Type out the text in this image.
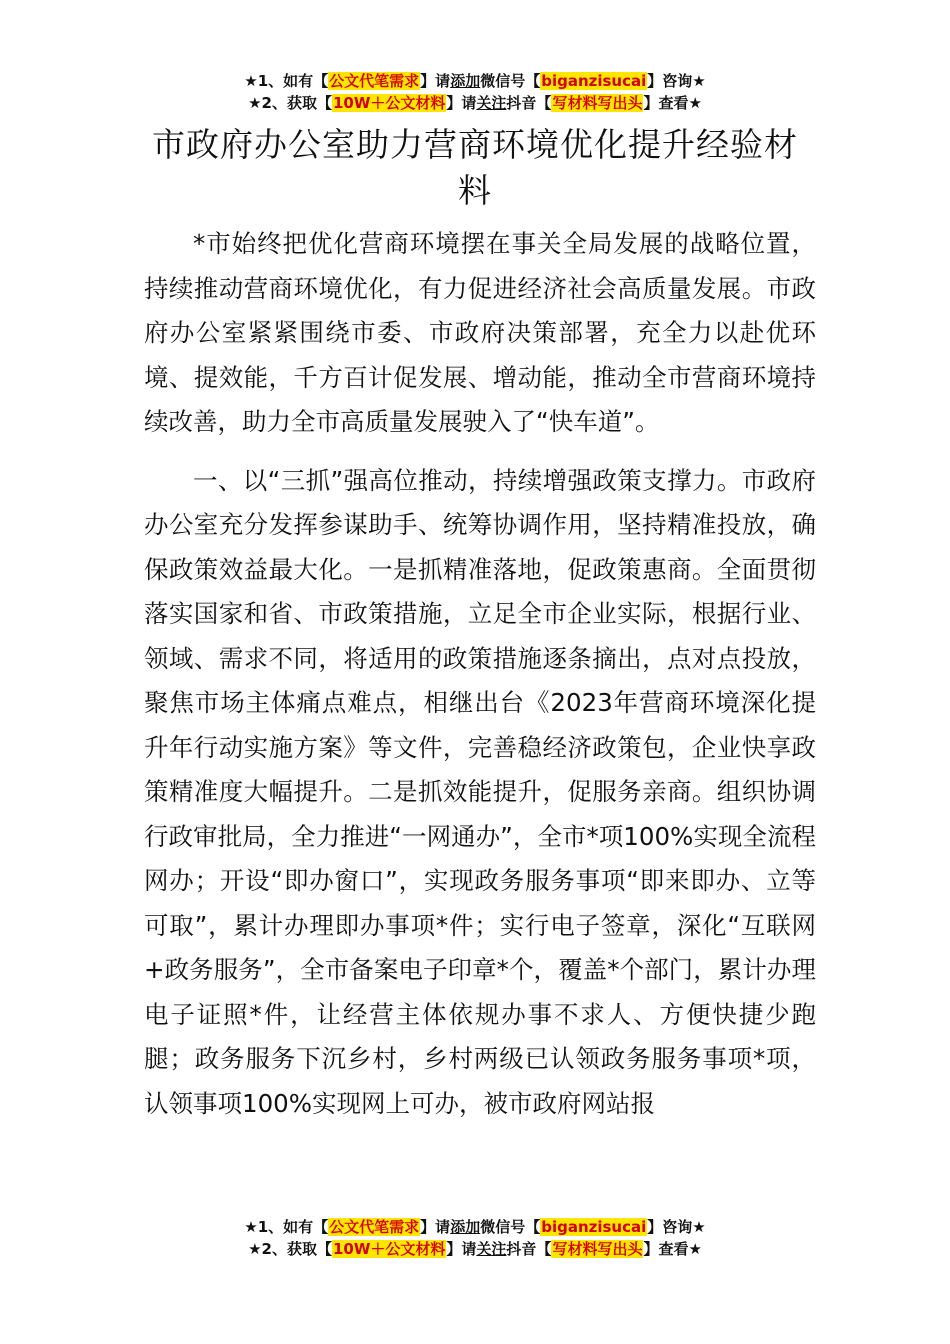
★1、如有【公文代笔需求】请添加微信号【biganzisucai】咨询★
★2、获取【10W＋公文材料】请关注抖音【写材料写出头】查看★
市政府办公室助力营商环境优化提升经验材料

*市始终把优化营商环境摆在事关全局发展的战略位置，持续推动营商环境优化，有力促进经济社会高质量发展。市政府办公室紧紧围绕市委、市政府决策部署，充全力以赴优环境、提效能，千方百计促发展、增动能，推动全市营商环境持续改善，助力全市高质量发展驶入了“快车道”。

一、以“三抓”强高位推动，持续增强政策支撑力。市政府办公室充分发挥参谋助手、统筹协调作用，坚持精准投放，确保政策效益最大化。一是抓精准落地，促政策惠商。全面贯彻落实国家和省、市政策措施，立足全市企业实际，根据行业、领域、需求不同，将适用的政策措施逐条摘出，点对点投放，聚焦市场主体痛点难点，相继出台《2023年营商环境深化提升年行动实施方案》等文件，完善稳经济政策包，企业快享政策精准度大幅提升。二是抓效能提升，促服务亲商。组织协调行政审批局，全力推进“一网通办”，全市*项100%实现全流程网办；开设“即办窗口”，实现政务服务事项“即来即办、立等可取”，累计办理即办事项*件；实行电子签章，深化“互联网+政务服务”，全市备案电子印章*个，覆盖*个部门，累计办理电子证照*件，让经营主体依规办事不求人、方便快捷少跑腿；政务服务下沉乡村，乡村两级已认领政务服务事项*项，认领事项100%实现网上可办，被市政府网站报

★1、如有【公文代笔需求】请添加微信号【biganzisucai】咨询★
★2、获取【10W＋公文材料】请关注抖音【写材料写出头】查看★
